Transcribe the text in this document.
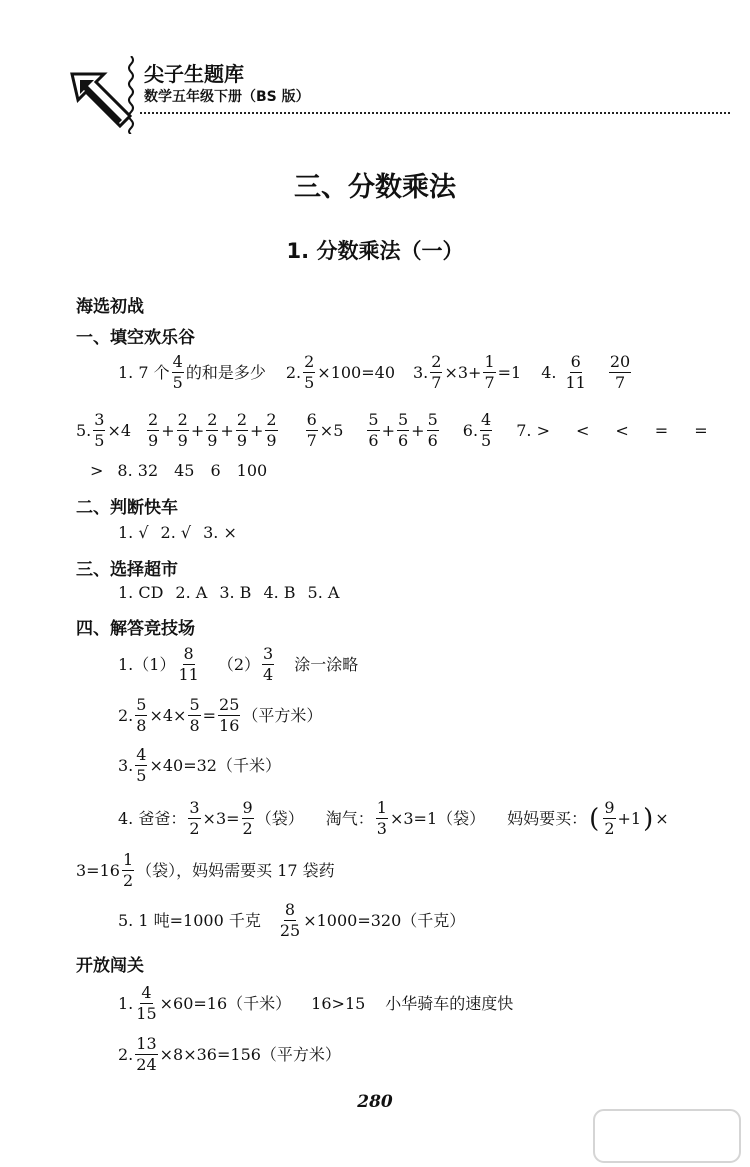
尖子生题库
数学五年级下册（BS 版）
三、分数乘法
1. 分数乘法（一）
海选初战
一、填空欢乐谷
1. 7 个 $\frac{4}{5}$ 的和是多少 2. $\frac{2}{5} \times 100=40$ 3. $\frac{2}{7} \times 3+ \frac{1}{7} =1$ 4. $\frac{6}{11} \frac{20}{7}$
5. $\frac{3}{5} \times 4 \frac{2}{9} + \frac{2}{9} + \frac{2}{9} + \frac{2}{9} + \frac{2}{9} \frac{6}{7} \times 5 \frac{5}{6} + \frac{5}{6} + \frac{5}{6} 6$. $\frac{4}{5} 7$. > < < = =
> 8. 32 45 6 100
二、判断快车
1. √ 2. √ 3. ×
三、选择超市
1. CD 2. A 3. B 4. B 5. A
四、解答竞技场
$1.(1) \frac{8}{11} (2) \frac{3}{4}$ 涂一涂略
2. $\frac{5}{8} \times 4\times \frac{5}{8} = \frac{25}{16}$ （平方米）
3. $\frac{4}{5} \times 40=32$（千米）
4. 爸爸： $\frac{3}{2} \times 3= \frac{9}{2}$ （袋） 淘气： $\frac{1}{3} \times 3=1$（袋） 妈妈要买： ( $\frac{9}{2} +1$ ) ×
$3=16 \frac{1}{2}$ （袋），妈妈需要买 17 袋药
5. 1 吨=1000 千克 $\frac{8}{25} \times 1000=320$（千克）
开放闯关
1. $\frac{4}{15} \times 60=16$（千米） 16>15 小华骑车的速度快
2. $\frac{13}{24} \times 8\times 36=156$（平方米）
280
